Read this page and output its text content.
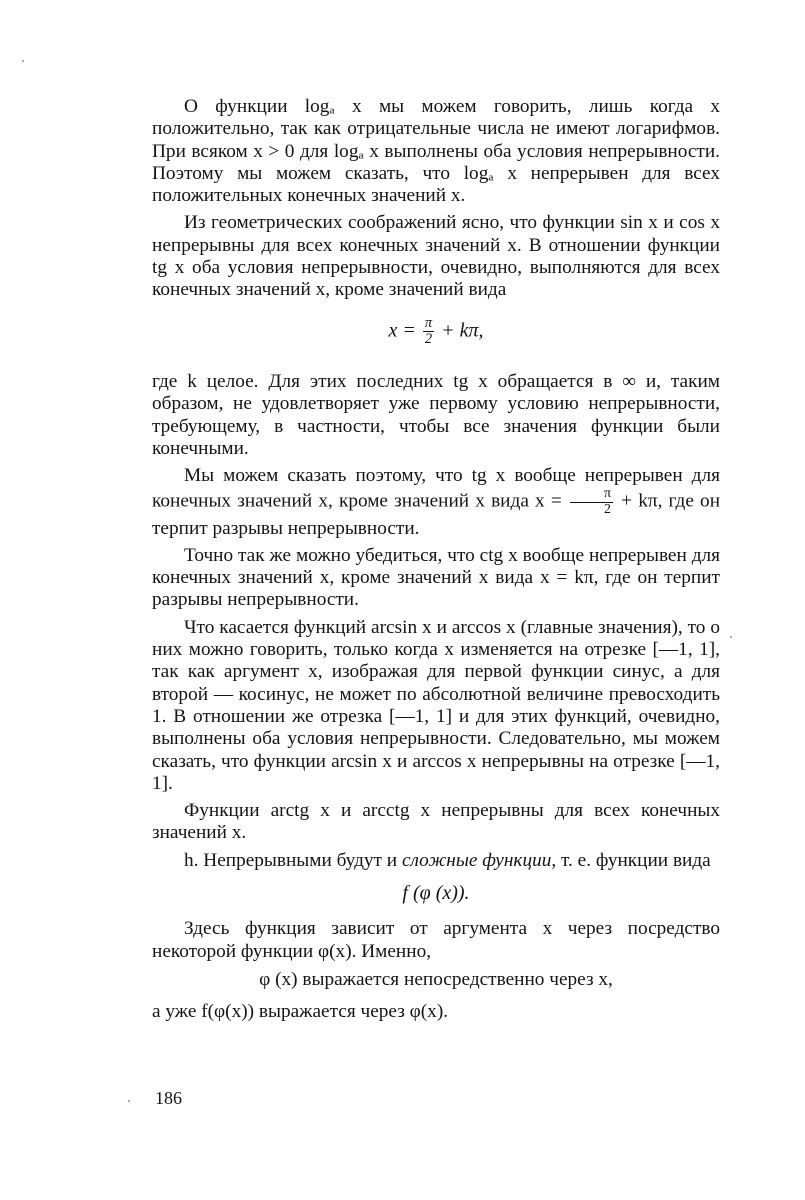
О функции logₐ x мы можем говорить, лишь когда x положительно, так как отрицательные числа не имеют логарифмов. При всяком x > 0 для logₐ x выполнены оба условия непрерывности. Поэтому мы можем сказать, что logₐ x непрерывен для всех положительных конечных значений x.

Из геометрических соображений ясно, что функции sin x и cos x непрерывны для всех конечных значений x. В отношении функции tg x оба условия непрерывности, очевидно, выполняются для всех конечных значений x, кроме значений вида

$x = \frac{\pi}{2} + k\pi$,

где k целое. Для этих последних tg x обращается в ∞ и, таким образом, не удовлетворяет уже первому условию непрерывности, требующему, в частности, чтобы все значения функции были конечными.

Мы можем сказать поэтому, что tg x вообще непрерывен для конечных значений x, кроме значений x вида $x = \frac{\pi}{2} + k\pi$, где он терпит разрывы непрерывности.

Точно так же можно убедиться, что ctg x вообще непрерывен для конечных значений x, кроме значений x вида x = kπ, где он терпит разрывы непрерывности.

Что касается функций arcsin x и arccos x (главные значения), то о них можно говорить, только когда x изменяется на отрезке [—1, 1], так как аргумент x, изображая для первой функции синус, а для второй — косинус, не может по абсолютной величине превосходить 1. В отношении же отрезка [—1, 1] и для этих функций, очевидно, выполнены оба условия непрерывности. Следовательно, мы можем сказать, что функции arcsin x и arccos x непрерывны на отрезке [—1, 1].

Функции arctg x и arcctg x непрерывны для всех конечных значений x.

h. Непрерывными будут и сложные функции, т. е. функции вида

f (φ (x)).

Здесь функция зависит от аргумента x через посредство некоторой функции φ(x). Именно,

φ (x) выражается непосредственно через x,

а уже f(φ(x)) выражается через φ(x).

186
